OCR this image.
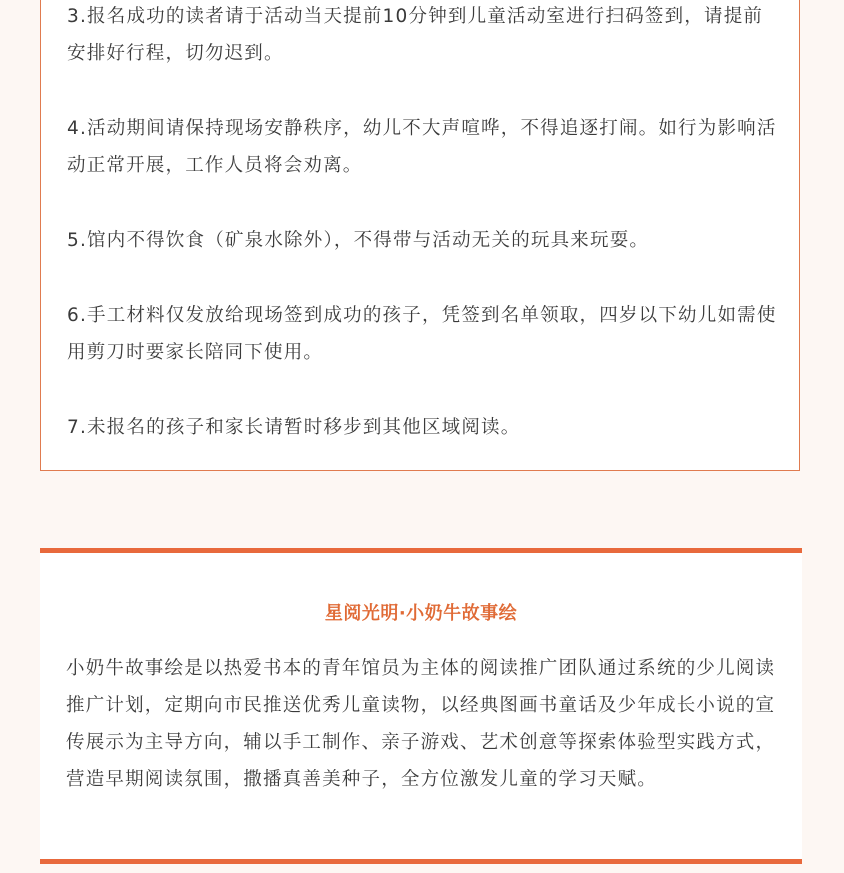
3.报名成功的读者请于活动当天提前10分钟到儿童活动室进行扫码签到，请提前安排好行程，切勿迟到。

4.活动期间请保持现场安静秩序，幼儿不大声喧哗，不得追逐打闹。如行为影响活动正常开展，工作人员将会劝离。

5.馆内不得饮食（矿泉水除外），不得带与活动无关的玩具来玩耍。

6.手工材料仅发放给现场签到成功的孩子，凭签到名单领取，四岁以下幼儿如需使用剪刀时要家长陪同下使用。

7.未报名的孩子和家长请暂时移步到其他区域阅读。

星阅光明·小奶牛故事绘

小奶牛故事绘是以热爱书本的青年馆员为主体的阅读推广团队通过系统的少儿阅读推广计划，定期向市民推送优秀儿童读物，以经典图画书童话及少年成长小说的宣传展示为主导方向，辅以手工制作、亲子游戏、艺术创意等探索体验型实践方式，营造早期阅读氛围，撒播真善美种子，全方位激发儿童的学习天赋。
